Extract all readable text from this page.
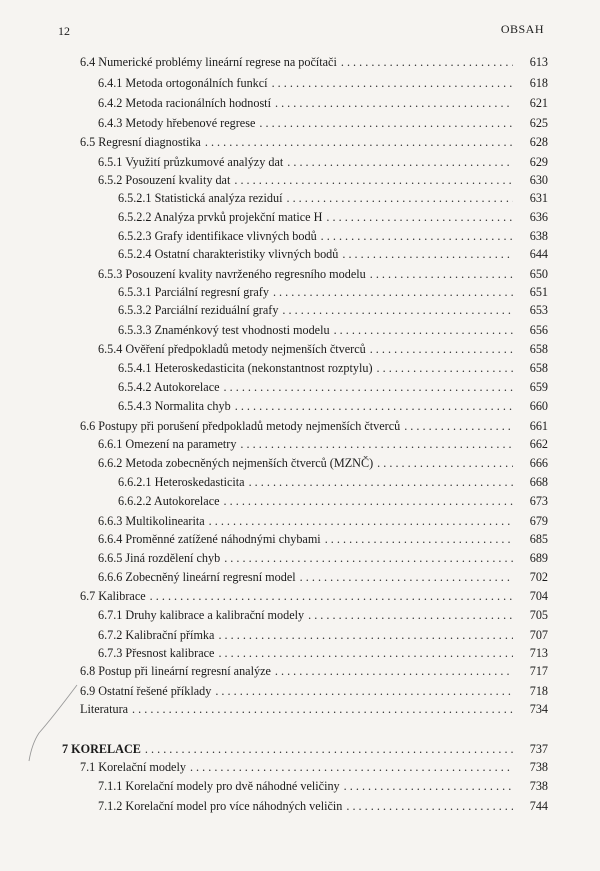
12	OBSAH
6.4 Numerické problémy lineární regrese na počítači . . .	613
6.4.1 Metoda ortogonálních funkcí . . .	618
6.4.2 Metoda racionálních hodností . . .	621
6.4.3 Metody hřebenové regrese . . .	625
6.5 Regresní diagnostika . . .	628
6.5.1 Využití průzkumové analýzy dat . . .	629
6.5.2 Posouzení kvality dat . . .	630
6.5.2.1 Statistická analýza reziduí . . .	631
6.5.2.2 Analýza prvků projekční matice H . . .	636
6.5.2.3 Grafy identifikace vlivných bodů . . .	638
6.5.2.4 Ostatní charakteristiky vlivných bodů . . .	644
6.5.3 Posouzení kvality navrženého regresního modelu . . .	650
6.5.3.1 Parciální regresní grafy . . .	651
6.5.3.2 Parciální reziduální grafy . . .	653
6.5.3.3 Znaménkový test vhodnosti modelu . . .	656
6.5.4 Ověření předpokladů metody nejmenších čtverců . . .	658
6.5.4.1 Heteroskedasticita (nekonstantnost rozptylu) . . .	658
6.5.4.2 Autokorelace . . .	659
6.5.4.3 Normalita chyb . . .	660
6.6 Postupy při porušení předpokladů metody nejmenších čtverců . . .	661
6.6.1 Omezení na parametry . . .	662
6.6.2 Metoda zobecněných nejmenších čtverců (MZNČ) . . .	666
6.6.2.1 Heteroskedasticita . . .	668
6.6.2.2 Autokorelace . . .	673
6.6.3 Multikolinearita . . .	679
6.6.4 Proměnné zatížené náhodnými chybami . . .	685
6.6.5 Jiná rozdělení chyb . . .	689
6.6.6 Zobecněný lineární regresní model . . .	702
6.7 Kalibrace . . .	704
6.7.1 Druhy kalibrace a kalibrační modely . . .	705
6.7.2 Kalibrační přímka . . .	707
6.7.3 Přesnost kalibrace . . .	713
6.8 Postup při lineární regresní analýze . . .	717
6.9 Ostatní řešené příklady . . .	718
Literatura . . .	734
7 KORELACE . . .	737
7.1 Korelační modely . . .	738
7.1.1 Korelační modely pro dvě náhodné veličiny . . .	738
7.1.2 Korelační model pro více náhodných veličin . . .	744
